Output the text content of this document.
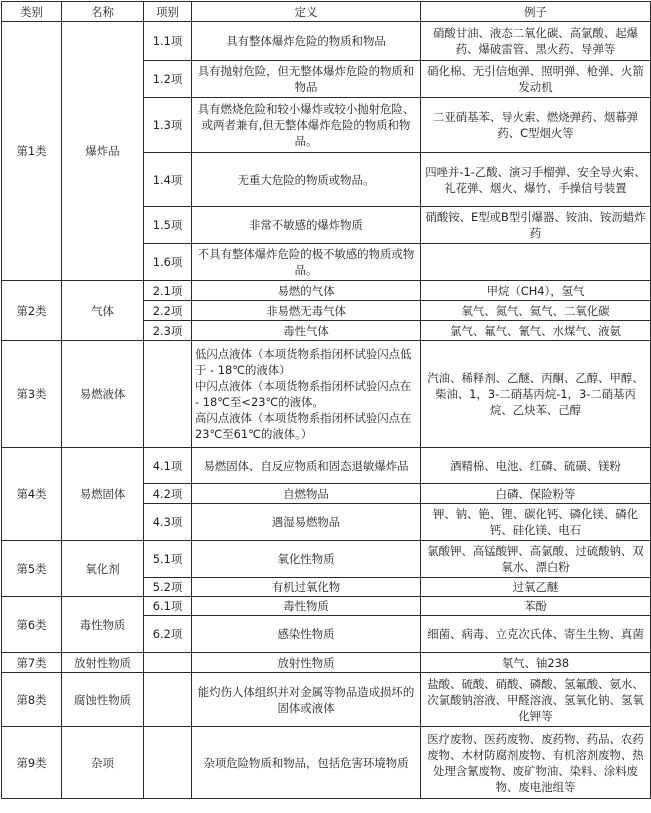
类别	名称	项别	定义	例子
第1类	爆炸品	1.1项	具有整体爆炸危险的物质和物品	硝酸甘油、液态二氧化碳、高氯酸、起爆药、爆破雷管、黑火药、导弹等
		1.2项	具有抛射危险，但无整体爆炸危险的物质和物品	硝化棉、无引信炮弹、照明弹、枪弹、火箭发动机
		1.3项	具有燃烧危险和较小爆炸或较小抛射危险、或两者兼有,但无整体爆炸危险的物质和物品。	二亚硝基苯、导火索、燃烧弹药、烟幕弹药、C型烟火等
		1.4项	无重大危险的物质或物品。	四唑并-1-乙酸、演习手榴弹、安全导火索、礼花弹、烟火、爆竹、手操信号装置
		1.5项	非常不敏感的爆炸物质	硝酸铵、E型或B型引爆器、铵油、铵沥蜡炸药
		1.6项	不具有整体爆炸危险的极不敏感的物质或物品。	
第2类	气体	2.1项	易燃的气体	甲烷（CH4），氢气
		2.2项	非易燃无毒气体	氧气、氮气、氦气、二氧化碳
		2.3项	毒性气体	氯气、氟气、氰气、水煤气、液氨
第3类	易燃液体		低闪点液体（本项货物系指闭杯试验闪点低于 - 18℃的液体）
中闪点液体（本项货物系指闭杯试验闪点在 - 18℃至<23℃的液体。
高闪点液体（本项货物系指闭杯试验闪点在23℃至61℃的液体。）	汽油、稀释剂、乙醚、丙酮、乙醇、甲醇、柴油、1，3-二硝基丙烷-1，3-二硝基丙烷、乙炔苯、己醇
第4类	易燃固体	4.1项	易燃固体、自反应物质和固态退敏爆炸品	酒精棉、电池、红磷、硫磺、镁粉
		4.2项	自燃物品	白磷、保险粉等
		4.3项	遇湿易燃物品	钾、钠、铯、锂、碳化钙、磷化镁、磷化钙、硅化镁、电石
第5类	氧化剂	5.1项	氧化性物质	氯酸钾、高锰酸钾、高氯酸、过硫酸钠、双氧水、漂白粉
		5.2项	有机过氧化物	过氧乙醚
第6类	毒性物质	6.1项	毒性物质	苯酚
		6.2项	感染性物质	细菌、病毒、立克次氏体、寄生生物、真菌
第7类	放射性物质		放射性物质	氡气、铀238
第8类	腐蚀性物质		能灼伤人体组织并对金属等物品造成损坏的固体或液体	盐酸、硫酸、硝酸、磷酸、氢氟酸、氨水、次氯酸钠溶液、甲醛溶液、氢氧化钠、氢氧化钾等
第9类	杂项		杂项危险物质和物品，包括危害环境物质	医疗废物、医药废物、废药物、药品、农药废物、木材防腐剂废物、有机溶剂废物、热处理含氰废物、废矿物油、染料、涂料废物、废电池组等
